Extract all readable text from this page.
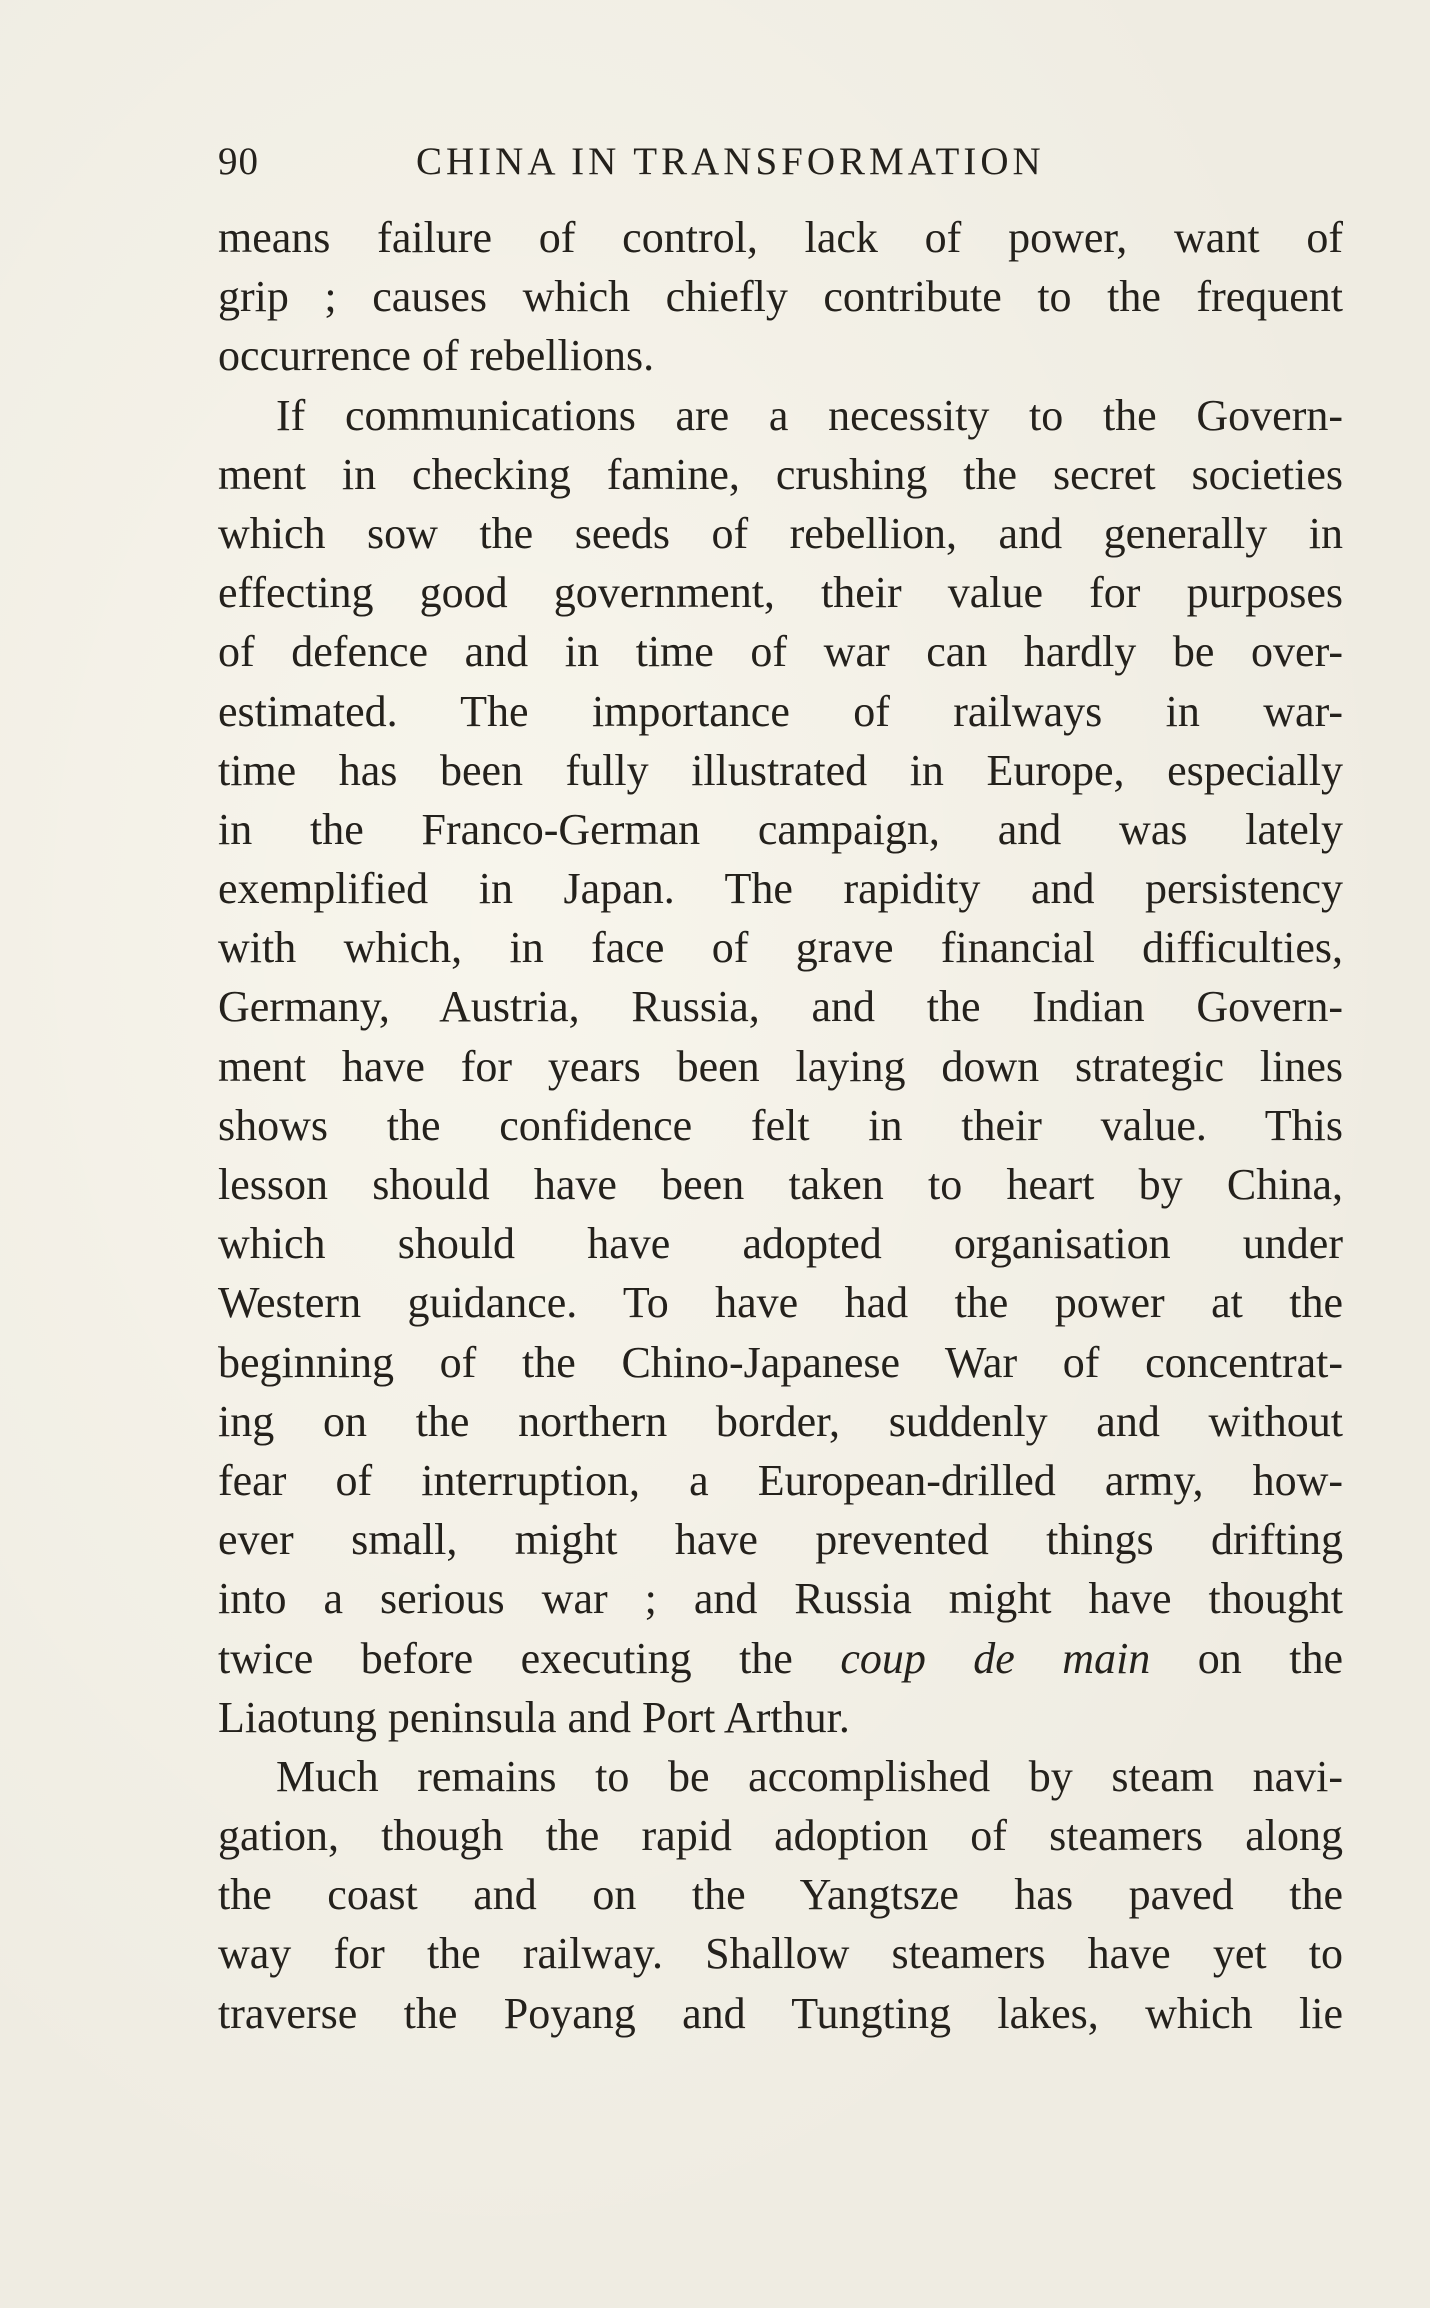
90	CHINA IN TRANSFORMATION
means failure of control, lack of power, want of
grip ; causes which chiefly contribute to the frequent
occurrence of rebellions.
If communications are a necessity to the Govern-
ment in checking famine, crushing the secret societies
which sow the seeds of rebellion, and generally in
effecting good government, their value for purposes
of defence and in time of war can hardly be over-
estimated. The importance of railways in war-
time has been fully illustrated in Europe, especially
in the Franco-German campaign, and was lately
exemplified in Japan. The rapidity and persistency
with which, in face of grave financial difficulties,
Germany, Austria, Russia, and the Indian Govern-
ment have for years been laying down strategic lines
shows the confidence felt in their value. This
lesson should have been taken to heart by China,
which should have adopted organisation under
Western guidance. To have had the power at the
beginning of the Chino-Japanese War of concentrat-
ing on the northern border, suddenly and without
fear of interruption, a European-drilled army, how-
ever small, might have prevented things drifting
into a serious war ; and Russia might have thought
twice before executing the coup de main on the
Liaotung peninsula and Port Arthur.
Much remains to be accomplished by steam navi-
gation, though the rapid adoption of steamers along
the coast and on the Yangtsze has paved the
way for the railway. Shallow steamers have yet to
traverse the Poyang and Tungting lakes, which lie
